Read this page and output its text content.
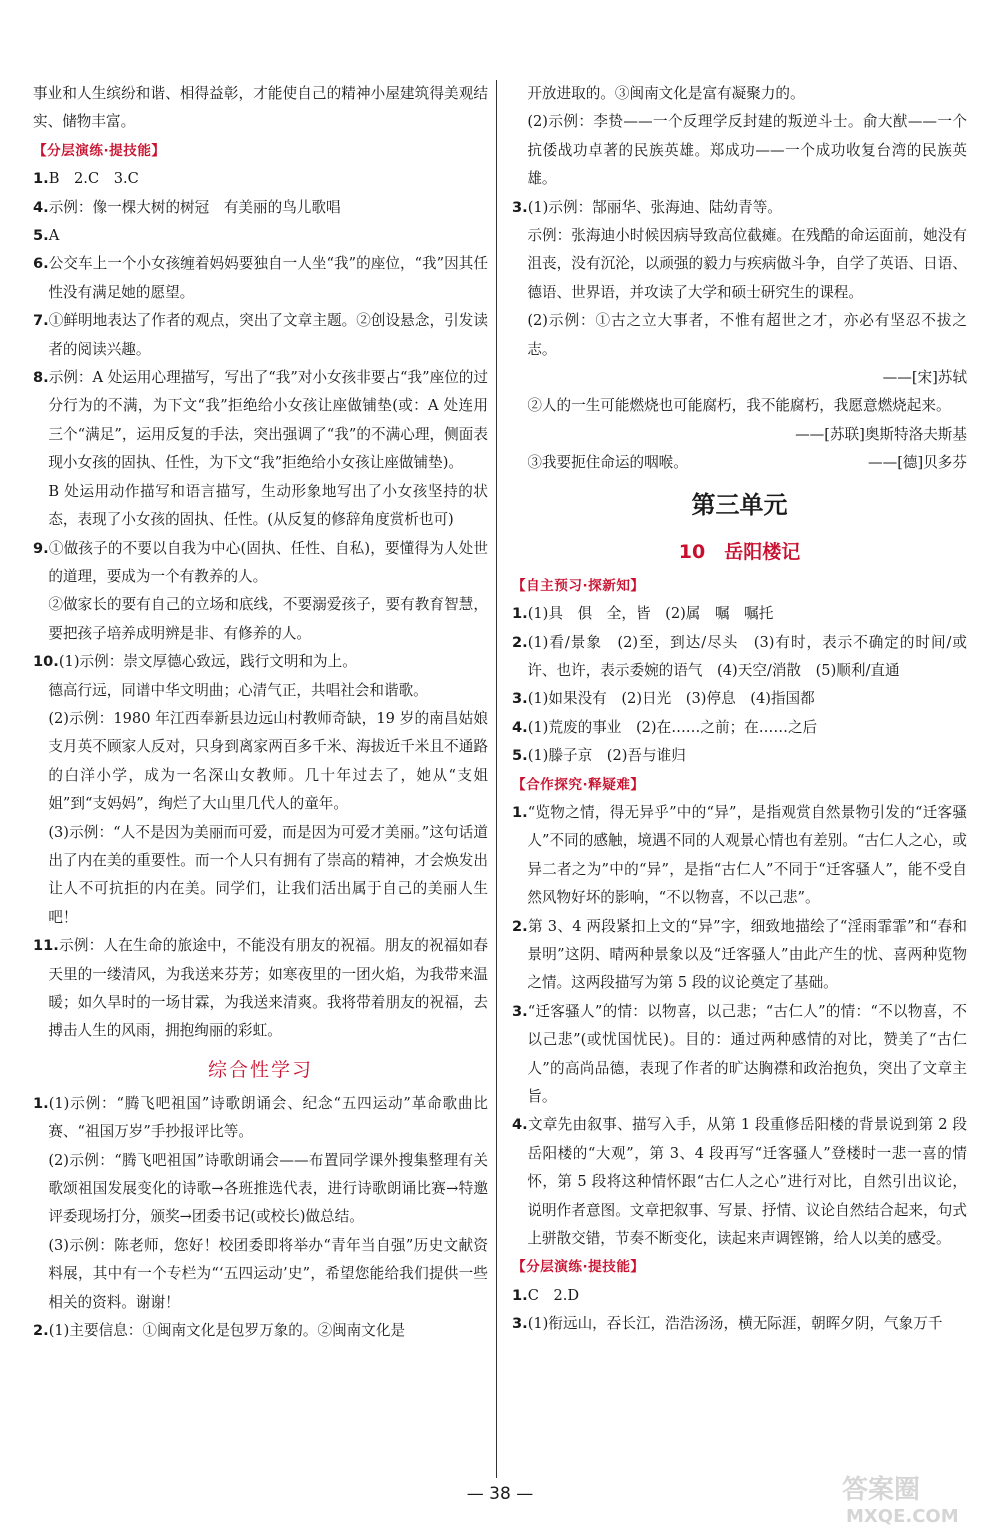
事业和人生缤纷和谐、相得益彰，才能使自己的精神小屋建筑得美观结实、储物丰富。

【分层演练·提技能】

1.B　2.C　3.C

4.示例：像一棵大树的树冠　有美丽的鸟儿歌唱

5.A

6.公交车上一个小女孩缠着妈妈要独自一人坐“我”的座位，“我”因其任性没有满足她的愿望。

7.①鲜明地表达了作者的观点，突出了文章主题。②创设悬念，引发读者的阅读兴趣。

8.示例：A 处运用心理描写，写出了“我”对小女孩非要占“我”座位的过分行为的不满，为下文“我”拒绝给小女孩让座做铺垫(或：A 处连用三个“满足”，运用反复的手法，突出强调了“我”的不满心理，侧面表现小女孩的固执、任性，为下文“我”拒绝给小女孩让座做铺垫)。

B 处运用动作描写和语言描写，生动形象地写出了小女孩坚持的状态，表现了小女孩的固执、任性。(从反复的修辞角度赏析也可)

9.①做孩子的不要以自我为中心(固执、任性、自私)，要懂得为人处世的道理，要成为一个有教养的人。

②做家长的要有自己的立场和底线，不要溺爱孩子，要有教育智慧，要把孩子培养成明辨是非、有修养的人。

10.(1)示例：崇文厚德心致远，践行文明和为上。

德高行远，同谱中华文明曲；心清气正，共唱社会和谐歌。

(2)示例：1980 年江西奉新县边远山村教师奇缺，19 岁的南昌姑娘支月英不顾家人反对，只身到离家两百多千米、海拔近千米且不通路的白洋小学，成为一名深山女教师。几十年过去了，她从“支姐姐”到“支妈妈”，绚烂了大山里几代人的童年。

(3)示例：“人不是因为美丽而可爱，而是因为可爱才美丽。”这句话道出了内在美的重要性。而一个人只有拥有了崇高的精神，才会焕发出让人不可抗拒的内在美。同学们，让我们活出属于自己的美丽人生吧！

11.示例：人在生命的旅途中，不能没有朋友的祝福。朋友的祝福如春天里的一缕清风，为我送来芬芳；如寒夜里的一团火焰，为我带来温暖；如久旱时的一场甘霖，为我送来清爽。我将带着朋友的祝福，去搏击人生的风雨，拥抱绚丽的彩虹。

综合性学习

1.(1)示例：“腾飞吧祖国”诗歌朗诵会、纪念“五四运动”革命歌曲比赛、“祖国万岁”手抄报评比等。

(2)示例：“腾飞吧祖国”诗歌朗诵会——布置同学课外搜集整理有关歌颂祖国发展变化的诗歌→各班推选代表，进行诗歌朗诵比赛→特邀评委现场打分，颁奖→团委书记(或校长)做总结。

(3)示例：陈老师，您好！校团委即将举办“青年当自强”历史文献资料展，其中有一个专栏为“‘五四运动’史”，希望您能给我们提供一些相关的资料。谢谢！

2.(1)主要信息：①闽南文化是包罗万象的。②闽南文化是

开放进取的。③闽南文化是富有凝聚力的。

(2)示例：李贽——一个反理学反封建的叛逆斗士。俞大猷——一个抗倭战功卓著的民族英雄。郑成功——一个成功收复台湾的民族英雄。

3.(1)示例：郜丽华、张海迪、陆幼青等。

示例：张海迪小时候因病导致高位截瘫。在残酷的命运面前，她没有沮丧，没有沉沦，以顽强的毅力与疾病做斗争，自学了英语、日语、德语、世界语，并攻读了大学和硕士研究生的课程。

(2)示例：①古之立大事者，不惟有超世之才，亦必有坚忍不拔之志。

——[宋]苏轼

②人的一生可能燃烧也可能腐朽，我不能腐朽，我愿意燃烧起来。

——[苏联]奥斯特洛夫斯基

③我要扼住命运的咽喉。	——[德]贝多芬

第三单元

10　岳阳楼记

【自主预习·探新知】

1.(1)具　俱　全，皆　(2)属　嘱　嘱托

2.(1)看/景象　(2)至，到达/尽头　(3)有时，表示不确定的时间/或许、也许，表示委婉的语气　(4)天空/消散　(5)顺利/直通

3.(1)如果没有　(2)日光　(3)停息　(4)指国都

4.(1)荒废的事业　(2)在……之前；在……之后

5.(1)滕子京　(2)吾与谁归

【合作探究·释疑难】

1.“览物之情，得无异乎”中的“异”，是指观赏自然景物引发的“迁客骚人”不同的感触，境遇不同的人观景心情也有差别。“古仁人之心，或异二者之为”中的“异”，是指“古仁人”不同于“迁客骚人”，能不受自然风物好坏的影响，“不以物喜，不以己悲”。

2.第 3、4 两段紧扣上文的“异”字，细致地描绘了“淫雨霏霏”和“春和景明”这阴、晴两种景象以及“迁客骚人”由此产生的忧、喜两种览物之情。这两段描写为第 5 段的议论奠定了基础。

3.“迁客骚人”的情：以物喜，以己悲；“古仁人”的情：“不以物喜，不以己悲”(或忧国忧民)。目的：通过两种感情的对比，赞美了“古仁人”的高尚品德，表现了作者的旷达胸襟和政治抱负，突出了文章主旨。

4.文章先由叙事、描写入手，从第 1 段重修岳阳楼的背景说到第 2 段岳阳楼的“大观”，第 3、4 段再写“迁客骚人”登楼时一悲一喜的情怀，第 5 段将这种情怀跟“古仁人之心”进行对比，自然引出议论，说明作者意图。文章把叙事、写景、抒情、议论自然结合起来，句式上骈散交错，节奏不断变化，读起来声调铿锵，给人以美的感受。

【分层演练·提技能】

1.C　2.D

3.(1)衔远山，吞长江，浩浩汤汤，横无际涯，朝晖夕阴，气象万千

— 38 —	答案圈
MXQE.COM
